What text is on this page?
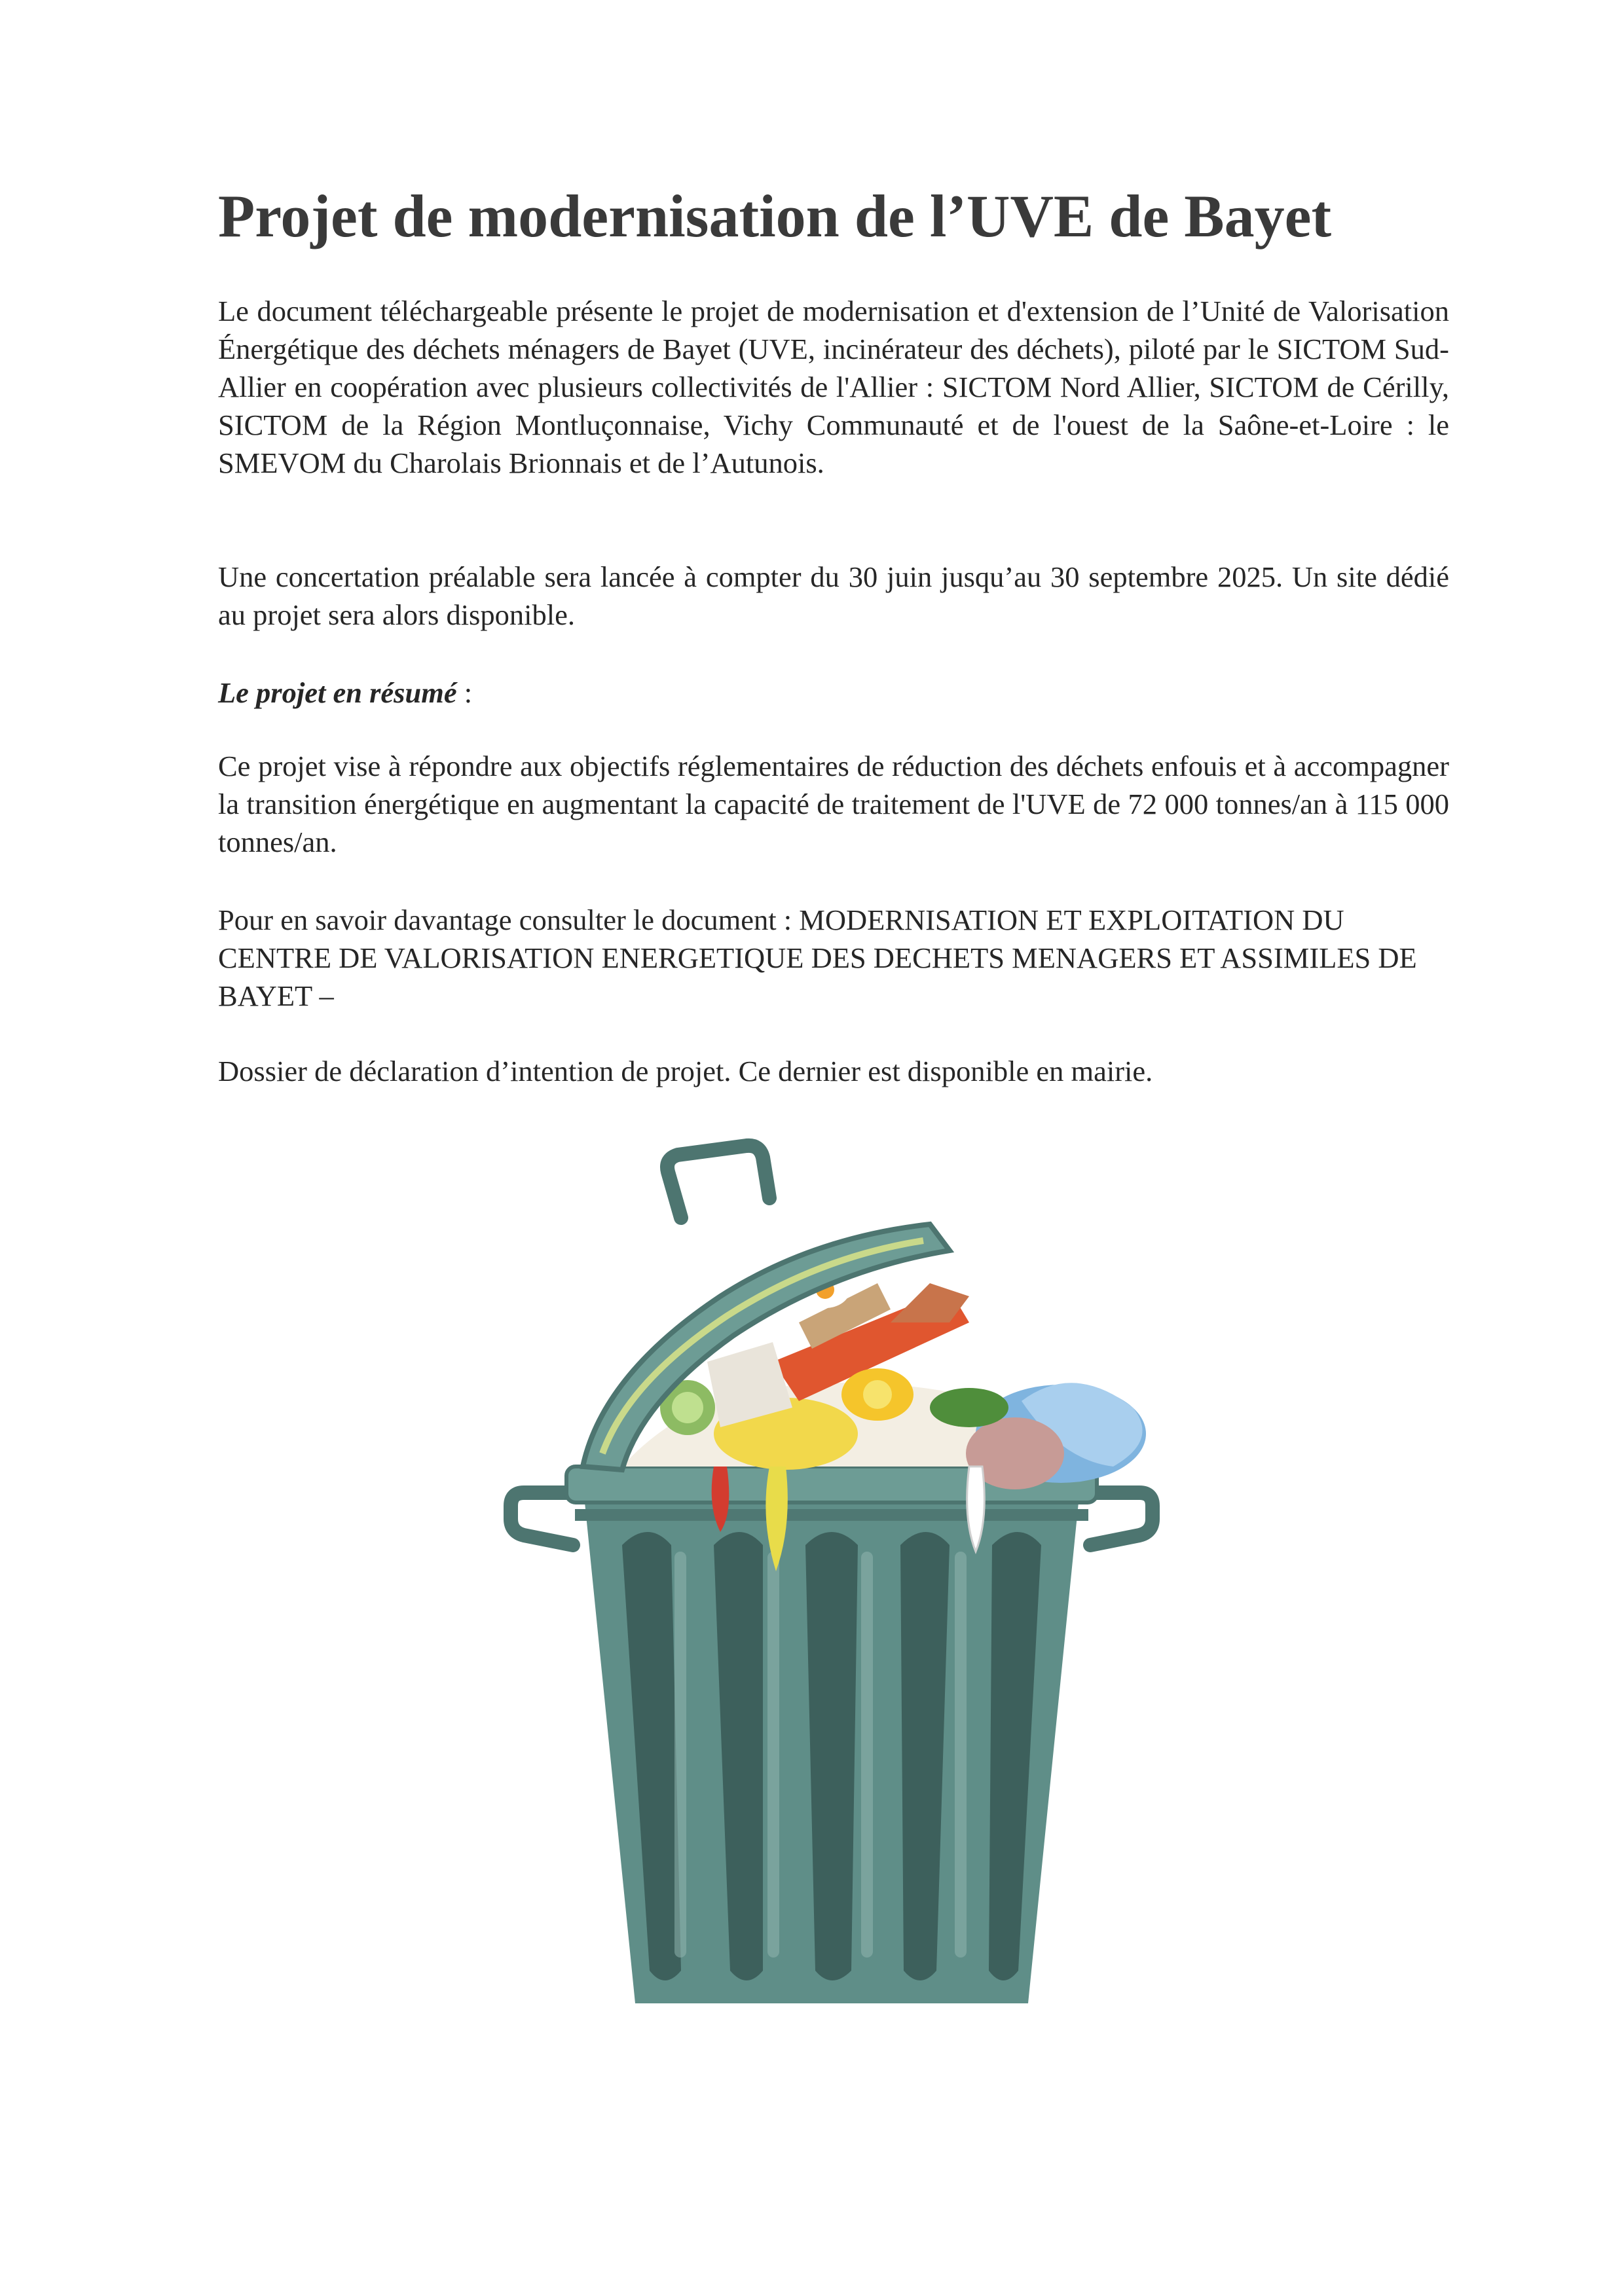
Projet de modernisation de l’UVE de Bayet

Le document téléchargeable présente le projet de modernisation et d'extension de l’Unité de Valorisation Énergétique des déchets ménagers de Bayet (UVE, incinérateur des déchets), piloté par le SICTOM Sud-Allier en coopération avec plusieurs collectivités de l'Allier : SICTOM Nord Allier, SICTOM de Cérilly, SICTOM de la Région Montluçonnaise, Vichy Communauté et de l'ouest de la Saône-et-Loire : le SMEVOM du Charolais Brionnais et de l’Autunois.

Une concertation préalable sera lancée à compter du 30 juin jusqu’au 30 septembre 2025. Un site dédié au projet sera alors disponible.

Le projet en résumé :

Ce projet vise à répondre aux objectifs réglementaires de réduction des déchets enfouis et à accompagner la transition énergétique en augmentant la capacité de traitement de l'UVE de 72 000 tonnes/an à 115 000 tonnes/an.

Pour en savoir davantage consulter le document : MODERNISATION ET EXPLOITATION DU CENTRE DE VALORISATION ENERGETIQUE DES DECHETS MENAGERS ET ASSIMILES DE BAYET –

Dossier de déclaration d’intention de projet. Ce dernier est disponible en mairie.
